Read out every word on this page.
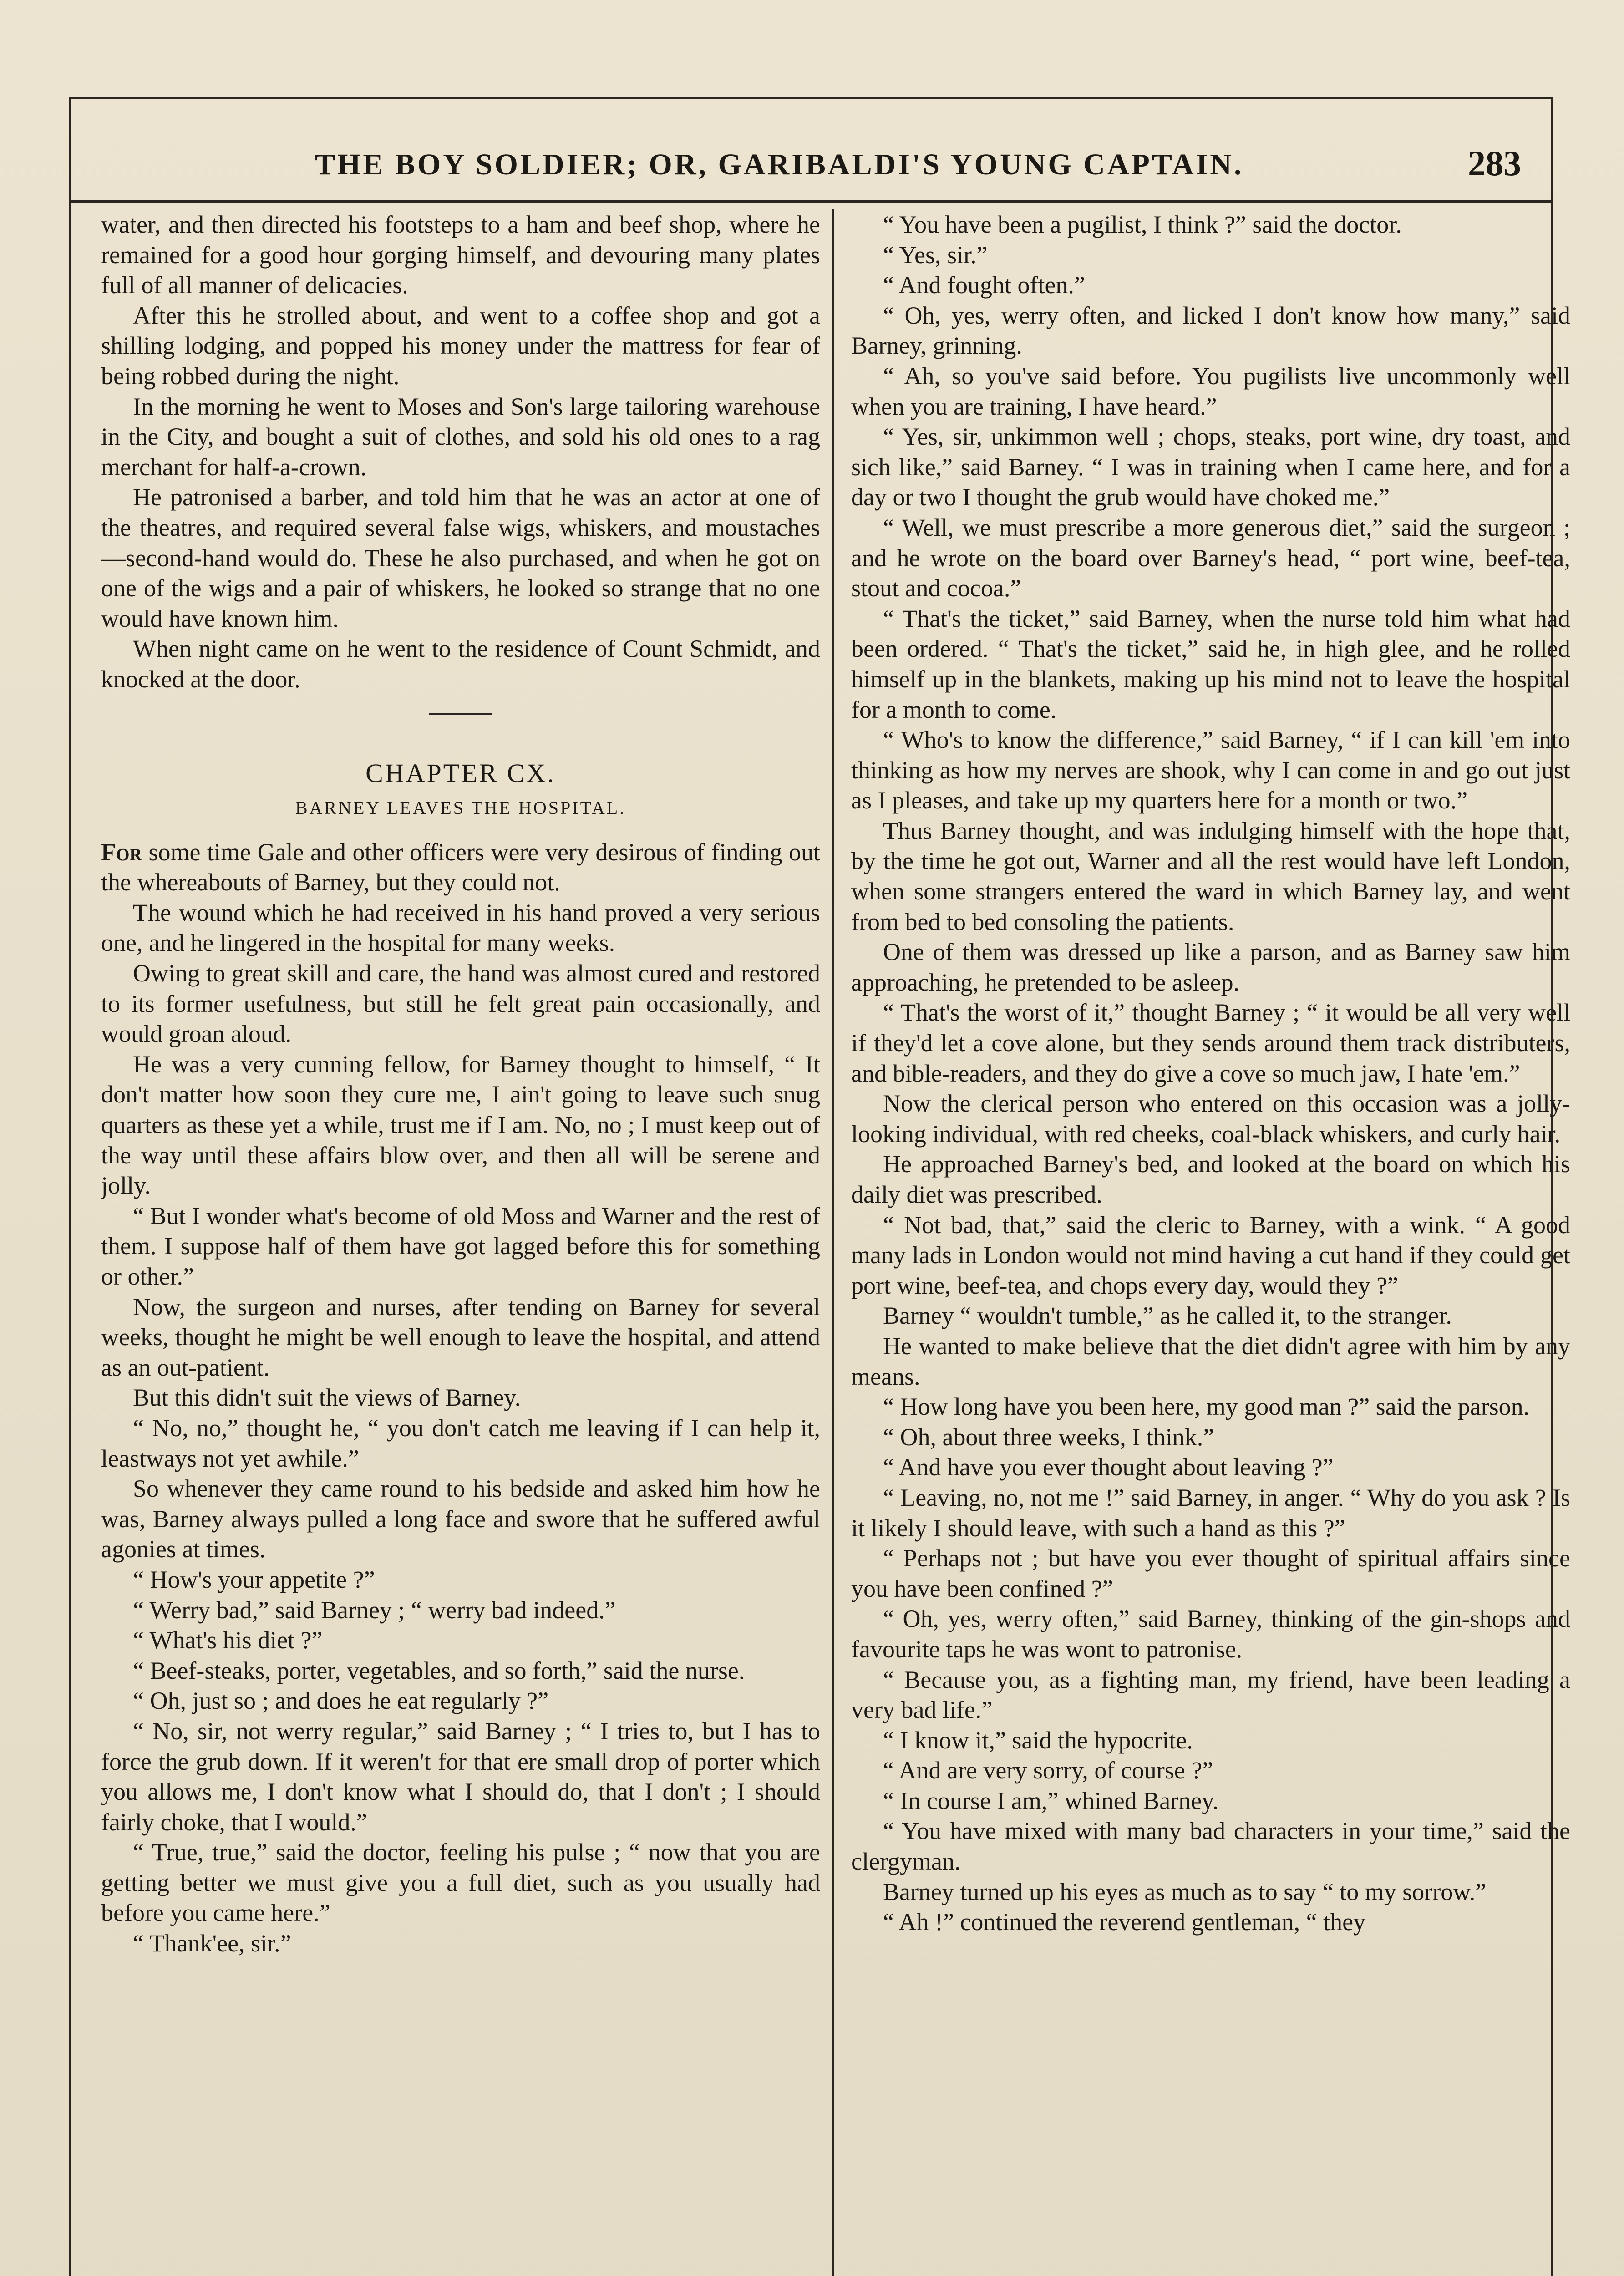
THE BOY SOLDIER; OR, GARIBALDI'S YOUNG CAPTAIN.	283

water, and then directed his footsteps to a ham and beef shop, where he remained for a good hour gorging himself, and devouring many plates full of all manner of delicacies.

After this he strolled about, and went to a coffee shop and got a shilling lodging, and popped his money under the mattress for fear of being robbed during the night.

In the morning he went to Moses and Son's large tailoring warehouse in the City, and bought a suit of clothes, and sold his old ones to a rag merchant for half-a-crown.

He patronised a barber, and told him that he was an actor at one of the theatres, and required several false wigs, whiskers, and moustaches—second-hand would do. These he also purchased, and when he got on one of the wigs and a pair of whiskers, he looked so strange that no one would have known him.

When night came on he went to the residence of Count Schmidt, and knocked at the door.

CHAPTER CX.

BARNEY LEAVES THE HOSPITAL.

For some time Gale and other officers were very desirous of finding out the whereabouts of Barney, but they could not.

The wound which he had received in his hand proved a very serious one, and he lingered in the hospital for many weeks.

Owing to great skill and care, the hand was almost cured and restored to its former usefulness, but still he felt great pain occasionally, and would groan aloud.

He was a very cunning fellow, for Barney thought to himself, “ It don't matter how soon they cure me, I ain't going to leave such snug quarters as these yet a while, trust me if I am. No, no ; I must keep out of the way until these affairs blow over, and then all will be serene and jolly.

“ But I wonder what's become of old Moss and Warner and the rest of them. I suppose half of them have got lagged before this for something or other.”

Now, the surgeon and nurses, after tending on Barney for several weeks, thought he might be well enough to leave the hospital, and attend as an out-patient.

But this didn't suit the views of Barney.

“ No, no,” thought he, “ you don't catch me leaving if I can help it, leastways not yet awhile.”

So whenever they came round to his bedside and asked him how he was, Barney always pulled a long face and swore that he suffered awful agonies at times.

“ How's your appetite ?”

“ Werry bad,” said Barney ; “ werry bad indeed.”

“ What's his diet ?”

“ Beef-steaks, porter, vegetables, and so forth,” said the nurse.

“ Oh, just so ; and does he eat regularly ?”

“ No, sir, not werry regular,” said Barney ; “ I tries to, but I has to force the grub down. If it weren't for that ere small drop of porter which you allows me, I don't know what I should do, that I don't ; I should fairly choke, that I would.”

“ True, true,” said the doctor, feeling his pulse ; “ now that you are getting better we must give you a full diet, such as you usually had before you came here.”

“ Thank'ee, sir.”

“ You have been a pugilist, I think ?” said the doctor.

“ Yes, sir.”

“ And fought often.”

“ Oh, yes, werry often, and licked I don't know how many,” said Barney, grinning.

“ Ah, so you've said before. You pugilists live uncommonly well when you are training, I have heard.”

“ Yes, sir, unkimmon well ; chops, steaks, port wine, dry toast, and sich like,” said Barney. “ I was in training when I came here, and for a day or two I thought the grub would have choked me.”

“ Well, we must prescribe a more generous diet,” said the surgeon ; and he wrote on the board over Barney's head, “ port wine, beef-tea, stout and cocoa.”

“ That's the ticket,” said Barney, when the nurse told him what had been ordered. “ That's the ticket,” said he, in high glee, and he rolled himself up in the blankets, making up his mind not to leave the hospital for a month to come.

“ Who's to know the difference,” said Barney, “ if I can kill 'em into thinking as how my nerves are shook, why I can come in and go out just as I pleases, and take up my quarters here for a month or two.”

Thus Barney thought, and was indulging himself with the hope that, by the time he got out, Warner and all the rest would have left London, when some strangers entered the ward in which Barney lay, and went from bed to bed consoling the patients.

One of them was dressed up like a parson, and as Barney saw him approaching, he pretended to be asleep.

“ That's the worst of it,” thought Barney ; “ it would be all very well if they'd let a cove alone, but they sends around them track distributers, and bible-readers, and they do give a cove so much jaw, I hate 'em.”

Now the clerical person who entered on this occasion was a jolly-looking individual, with red cheeks, coal-black whiskers, and curly hair.

He approached Barney's bed, and looked at the board on which his daily diet was prescribed.

“ Not bad, that,” said the cleric to Barney, with a wink. “ A good many lads in London would not mind having a cut hand if they could get port wine, beef-tea, and chops every day, would they ?”

Barney “ wouldn't tumble,” as he called it, to the stranger.

He wanted to make believe that the diet didn't agree with him by any means.

“ How long have you been here, my good man ?” said the parson.

“ Oh, about three weeks, I think.”

“ And have you ever thought about leaving ?”

“ Leaving, no, not me !” said Barney, in anger. “ Why do you ask ? Is it likely I should leave, with such a hand as this ?”

“ Perhaps not ; but have you ever thought of spiritual affairs since you have been confined ?”

“ Oh, yes, werry often,” said Barney, thinking of the gin-shops and favourite taps he was wont to patronise.

“ Because you, as a fighting man, my friend, have been leading a very bad life.”

“ I know it,” said the hypocrite.

“ And are very sorry, of course ?”

“ In course I am,” whined Barney.

“ You have mixed with many bad characters in your time,” said the clergyman.

Barney turned up his eyes as much as to say “ to my sorrow.”

“ Ah !” continued the reverend gentleman, “ they
